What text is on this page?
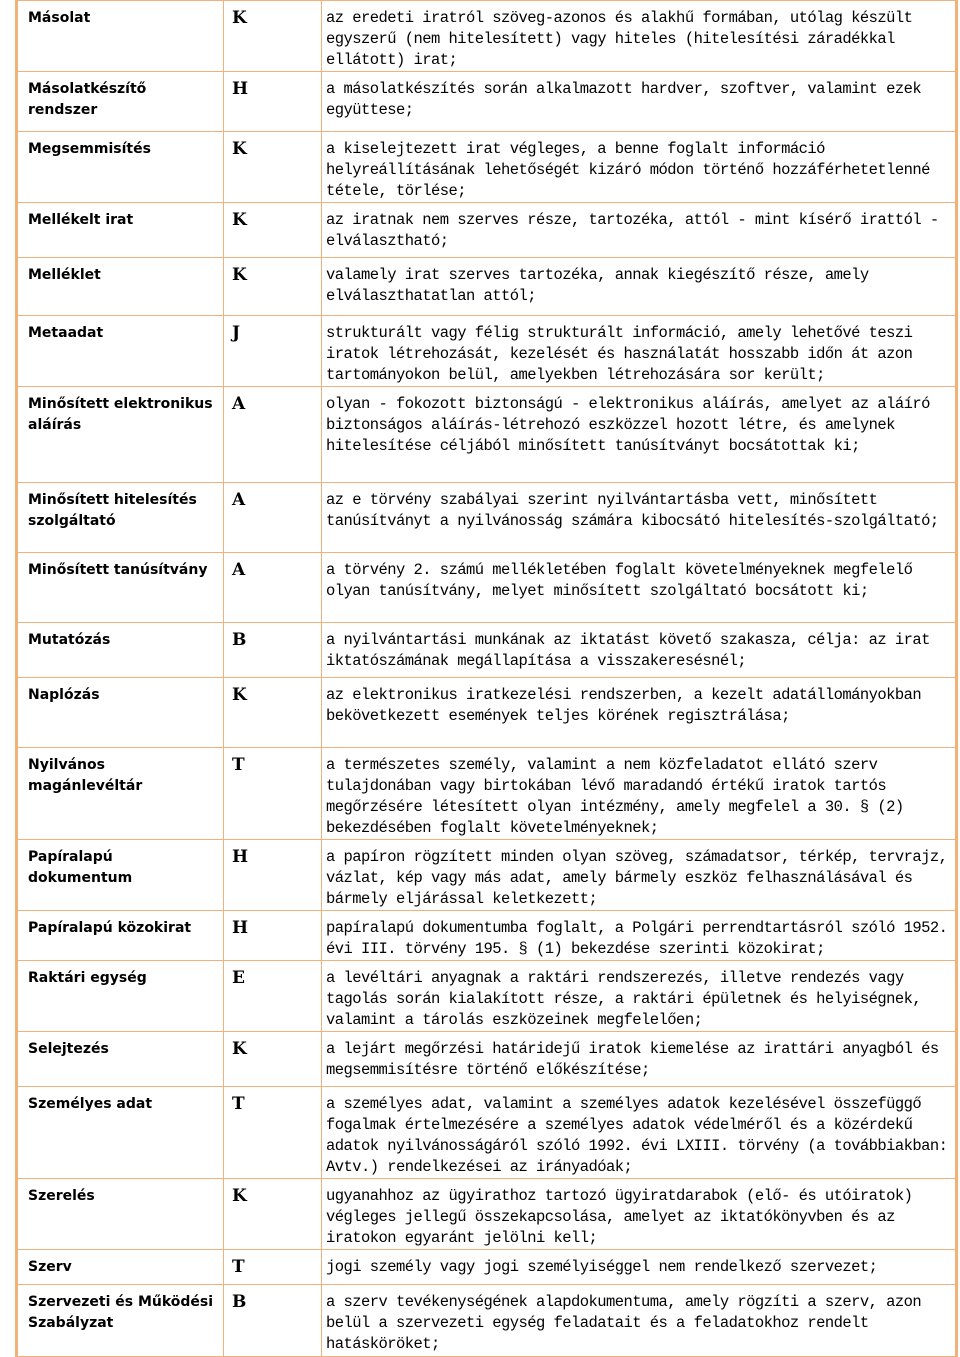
Másolat	K	az eredeti iratról szöveg-azonos és alakhű formában, utólag készült egyszerű (nem hitelesített) vagy hiteles (hitelesítési záradékkal ellátott) irat;
Másolatkészítő rendszer	H	a másolatkészítés során alkalmazott hardver, szoftver, valamint ezek együttese;
Megsemmisítés	K	a kiselejtezett irat végleges, a benne foglalt információ helyreállításának lehetőségét kizáró módon történő hozzáférhetetlenné tétele, törlése;
Mellékelt irat	K	az iratnak nem szerves része, tartozéka, attól - mint kísérő irattól - elválasztható;
Melléklet	K	valamely irat szerves tartozéka, annak kiegészítő része, amely elválaszthatatlan attól;
Metaadat	J	strukturált vagy félig strukturált információ, amely lehetővé teszi iratok létrehozását, kezelését és használatát hosszabb időn át azon tartományokon belül, amelyekben létrehozására sor került;
Minősített elektronikus aláírás	A	olyan - fokozott biztonságú - elektronikus aláírás, amelyet az aláíró biztonságos aláírás-létrehozó eszközzel hozott létre, és amelynek hitelesítése céljából minősített tanúsítványt bocsátottak ki;
Minősített hitelesítés szolgáltató	A	az e törvény szabályai szerint nyilvántartásba vett, minősített tanúsítványt a nyilvánosság számára kibocsátó hitelesítés-szolgáltató;
Minősített tanúsítvány	A	a törvény 2. számú mellékletében foglalt követelményeknek megfelelő olyan tanúsítvány, melyet minősített szolgáltató bocsátott ki;
Mutatózás	B	a nyilvántartási munkának az iktatást követő szakasza, célja: az irat iktatószámának megállapítása a visszakeresésnél;
Naplózás	K	az elektronikus iratkezelési rendszerben, a kezelt adatállományokban bekövetkezett események teljes körének regisztrálása;
Nyilvános magánlevéltár	T	a természetes személy, valamint a nem közfeladatot ellátó szerv tulajdonában vagy birtokában lévő maradandó értékű iratok tartós megőrzésére létesített olyan intézmény, amely megfelel a 30. § (2) bekezdésében foglalt követelményeknek;
Papíralapú dokumentum	H	a papíron rögzített minden olyan szöveg, számadatsor, térkép, tervrajz, vázlat, kép vagy más adat, amely bármely eszköz felhasználásával és bármely eljárással keletkezett;
Papíralapú közokirat	H	papíralapú dokumentumba foglalt, a Polgári perrendtartásról szóló 1952. évi III. törvény 195. § (1) bekezdése szerinti közokirat;
Raktári egység	E	a levéltári anyagnak a raktári rendszerezés, illetve rendezés vagy tagolás során kialakított része, a raktári épületnek és helyiségnek, valamint a tárolás eszközeinek megfelelően;
Selejtezés	K	a lejárt megőrzési határidejű iratok kiemelése az irattári anyagból és megsemmisítésre történő előkészítése;
Személyes adat	T	a személyes adat, valamint a személyes adatok kezelésével összefüggő fogalmak értelmezésére a személyes adatok védelméről és a közérdekű adatok nyilvánosságáról szóló 1992. évi LXIII. törvény (a továbbiakban: Avtv.) rendelkezései az irányadóak;
Szerelés	K	ugyanahhoz az ügyirathoz tartozó ügyiratdarabok (elő- és utóiratok) végleges jellegű összekapcsolása, amelyet az iktatókönyvben és az iratokon egyaránt jelölni kell;
Szerv	T	jogi személy vagy jogi személyiséggel nem rendelkező szervezet;
Szervezeti és Működési Szabályzat	B	a szerv tevékenységének alapdokumentuma, amely rögzíti a szerv, azon belül a szervezeti egység feladatait és a feladatokhoz rendelt hatásköröket;
